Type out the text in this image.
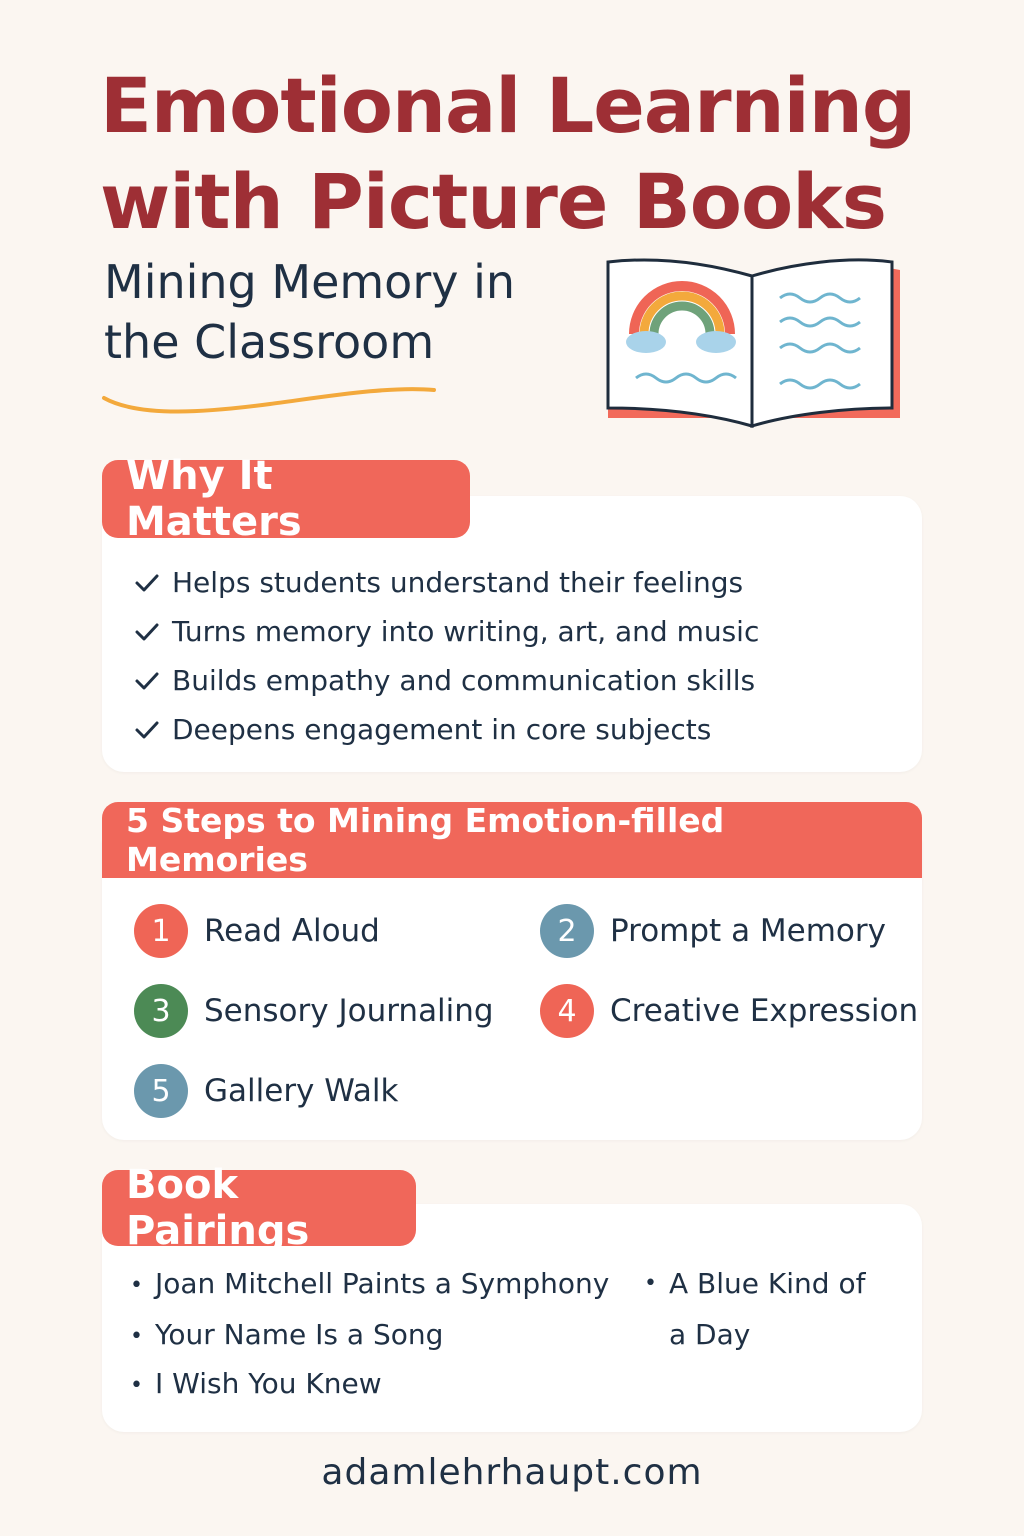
Emotional Learning with Picture Books
Mining Memory in the Classroom
Why It Matters
Helps students understand their feelings
Turns memory into writing, art, and music
Builds empathy and communication skills
Deepens engagement in core subjects
5 Steps to Mining Emotion-filled Memories
1	Read Aloud	2	Prompt a Memory
3	Sensory Journaling	4	Creative Expression
5	Gallery Walk
Book Pairings
• Joan Mitchell Paints a Symphony
• Your Name Is a Song
• I Wish You Knew
• A Blue Kind of a Day
adamlehrhaupt.com
